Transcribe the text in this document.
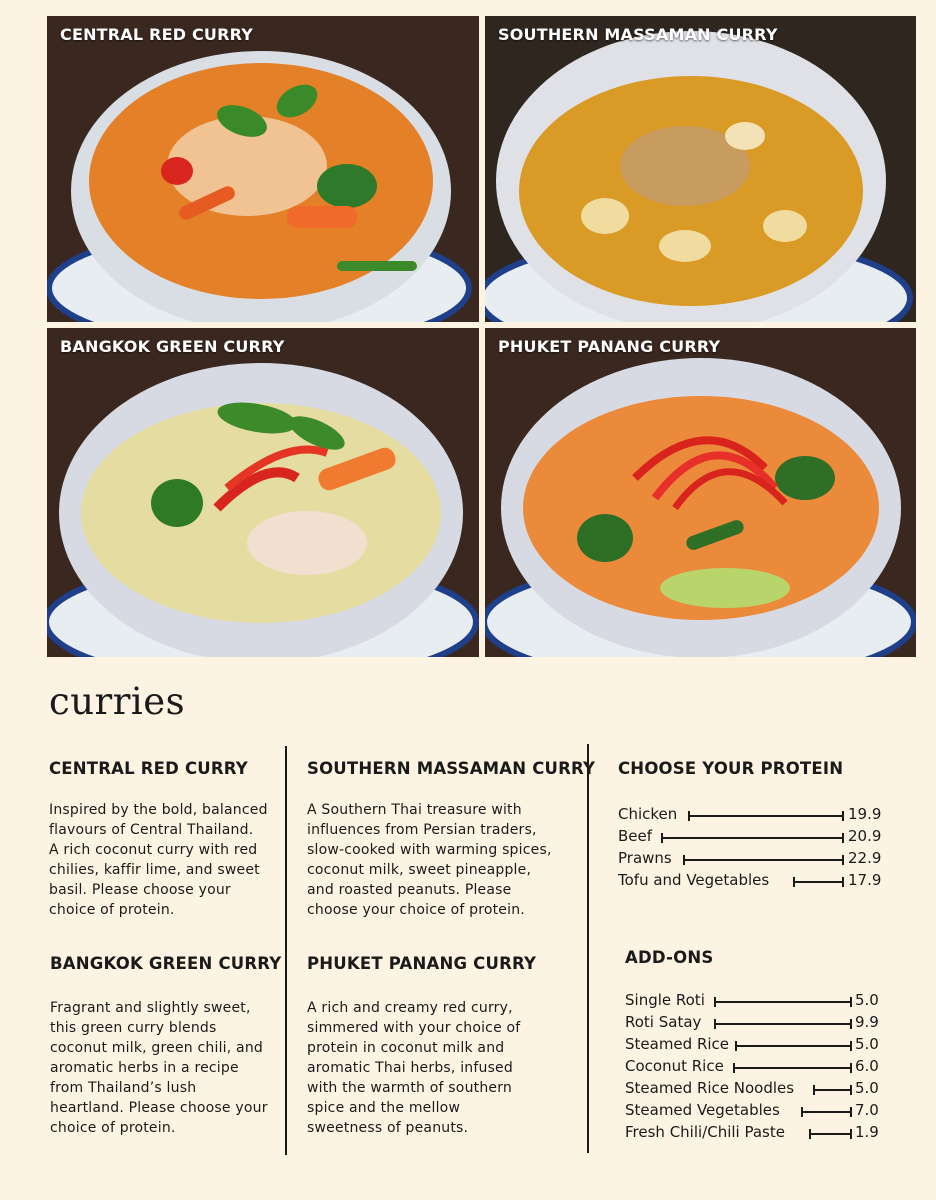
CENTRAL RED CURRY	SOUTHERN MASSAMAN CURRY
BANGKOK GREEN CURRY	PHUKET PANANG CURRY
curries
CENTRAL RED CURRY
Inspired by the bold, balanced
flavours of Central Thailand.
A rich coconut curry with red
chilies, kaffir lime, and sweet
basil. Please choose your
choice of protein.
SOUTHERN MASSAMAN CURRY
A Southern Thai treasure with
influences from Persian traders,
slow-cooked with warming spices,
coconut milk, sweet pineapple,
and roasted peanuts. Please
choose your choice of protein.
BANGKOK GREEN CURRY
Fragrant and slightly sweet,
this green curry blends
coconut milk, green chili, and
aromatic herbs in a recipe
from Thailand’s lush
heartland. Please choose your
choice of protein.
PHUKET PANANG CURRY
A rich and creamy red curry,
simmered with your choice of
protein in coconut milk and
aromatic Thai herbs, infused
with the warmth of southern
spice and the mellow
sweetness of peanuts.
CHOOSE YOUR PROTEIN
Chicken	19.9
Beef	20.9
Prawns	22.9
Tofu and Vegetables	17.9
ADD-ONS
Single Roti	5.0
Roti Satay	9.9
Steamed Rice	5.0
Coconut Rice	6.0
Steamed Rice Noodles	5.0
Steamed Vegetables	7.0
Fresh Chili/Chili Paste	1.9
